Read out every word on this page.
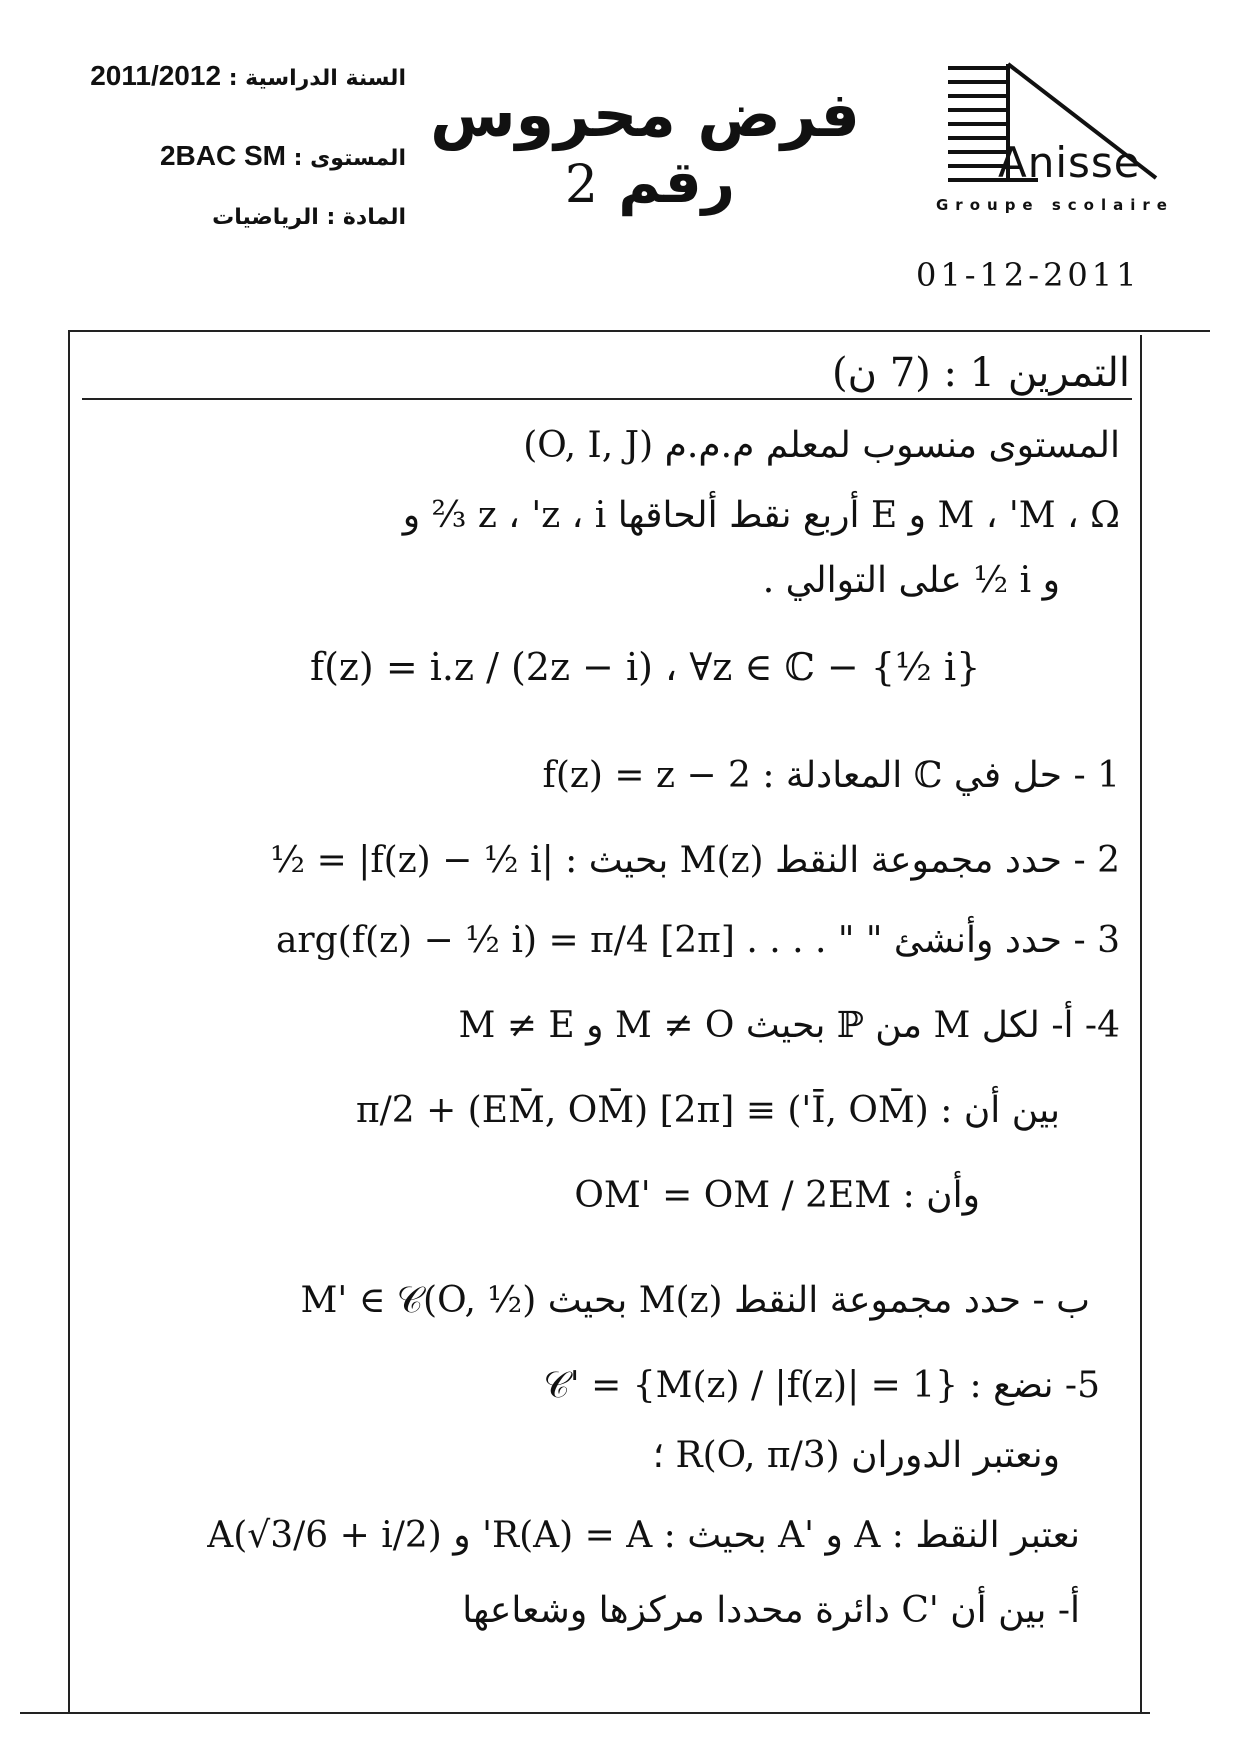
السنة الدراسية : 2011/2012
المستوى : 2BAC SM
المادة : الرياضيات
فرض محروس
رقم 2	Anisse
Groupe scolaire
01-12-2011
التمرين 1 : (7 ن)
المستوى منسوب لمعلم م.م.م (O, I, J)
M ، 'M ، Ω و E أربع نقط ألحاقها z ، 'z ، i ⅔ و
و i ½ على التوالي .
f(z) = i.z / (2z − i) ، ∀z ∈ ℂ − {½ i}
1 - حل في ℂ المعادلة : f(z) = z − 2
2 - حدد مجموعة النقط M(z) بحيث : |f(z) − ½ i| = ½
3 - حدد وأنشئ " " . . . . arg(f(z) − ½ i) = π/4 [2π]
4- أ- لكل M من ℙ بحيث M ≠ O و M ≠ E
بين أن : (Ī, OM̄') ≡ π/2 + (EM̄, OM̄) [2π]
وأن : OM' = OM / 2EM
ب - حدد مجموعة النقط M(z) بحيث M' ∈ 𝒞(O, ½)
5- نضع : 𝒞' = {M(z) / |f(z)| = 1}
ونعتبر الدوران R(O, π/3) ؛
نعتبر النقط : A و 'A بحيث : R(A) = A' و A(√3/6 + i/2)
أ- بين أن 'C دائرة محددا مركزها وشعاعها
